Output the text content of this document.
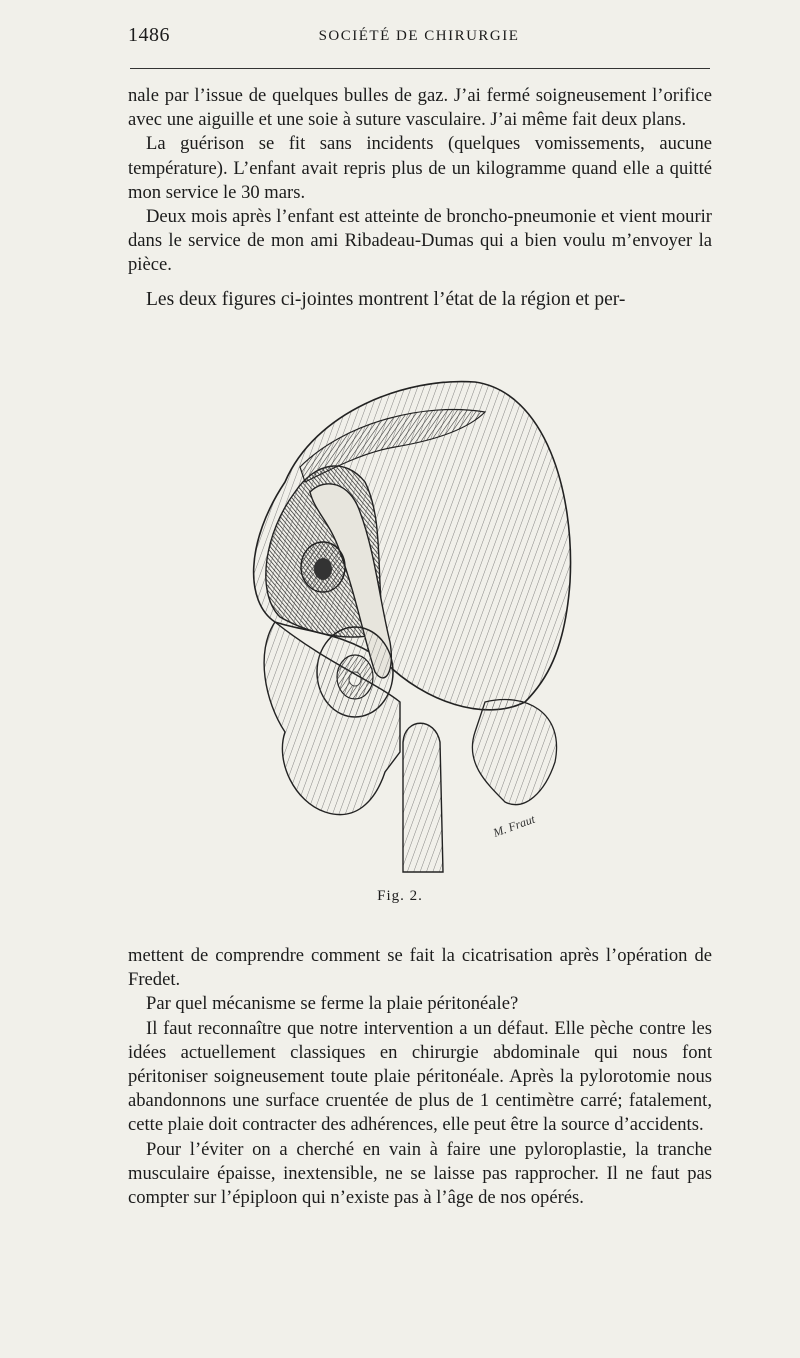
1486	SOCIÉTÉ DE CHIRURGIE

nale par l’issue de quelques bulles de gaz. J’ai fermé soigneusement l’orifice avec une aiguille et une soie à suture vasculaire. J’ai même fait deux plans.

La guérison se fit sans incidents (quelques vomissements, aucune température). L’enfant avait repris plus de un kilogramme quand elle a quitté mon service le 30 mars.

Deux mois après l’enfant est atteinte de broncho-pneumonie et vient mourir dans le service de mon ami Ribadeau-Dumas qui a bien voulu m’envoyer la pièce.

Les deux figures ci-jointes montrent l’état de la région et per-

M. Fraut
Fig. 2.

mettent de comprendre comment se fait la cicatrisation après l’opération de Fredet.

Par quel mécanisme se ferme la plaie péritonéale?

Il faut reconnaître que notre intervention a un défaut. Elle pèche contre les idées actuellement classiques en chirurgie abdominale qui nous font péritoniser soigneusement toute plaie péritonéale. Après la pylorotomie nous abandonnons une surface cruentée de plus de 1 centimètre carré; fatalement, cette plaie doit contracter des adhérences, elle peut être la source d’accidents.

Pour l’éviter on a cherché en vain à faire une pyloroplastie, la tranche musculaire épaisse, inextensible, ne se laisse pas rapprocher. Il ne faut pas compter sur l’épiploon qui n’existe pas à l’âge de nos opérés.
